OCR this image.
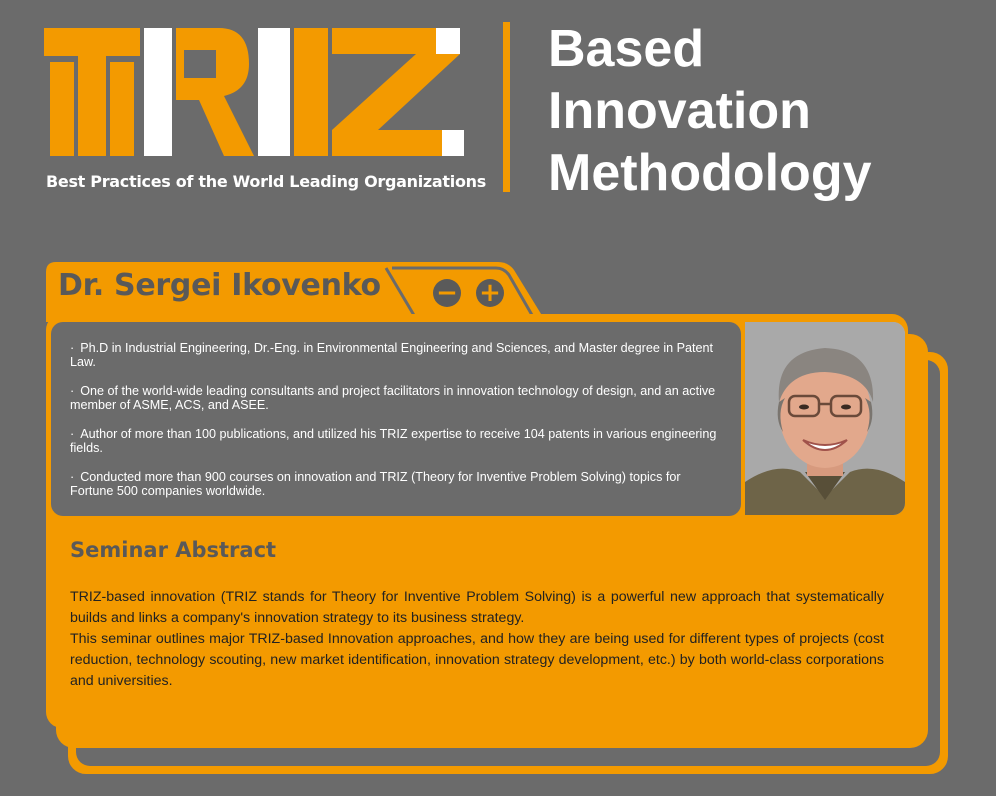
Best Practices of the World Leading Organizations
Based
Innovation
Methodology
Dr. Sergei Ikovenko − +
· Ph.D in Industrial Engineering, Dr.-Eng. in Environmental Engineering and Sciences, and Master degree in Patent Law.
· One of the world-wide leading consultants and project facilitators in innovation technology of design, and an active member of ASME, ACS, and ASEE.
· Author of more than 100 publications, and utilized his TRIZ expertise to receive 104 patents in various engineering fields.
· Conducted more than 900 courses on innovation and TRIZ (Theory for Inventive Problem Solving) topics for Fortune 500 companies worldwide.
Seminar Abstract

TRIZ-based innovation (TRIZ stands for Theory for Inventive Problem Solving) is a powerful new approach that systematically builds and links a company's innovation strategy to its business strategy.

This seminar outlines major TRIZ-based Innovation approaches, and how they are being used for different types of projects (cost reduction, technology scouting, new market identification, innovation strategy development, etc.) by both world-class corporations and universities.
